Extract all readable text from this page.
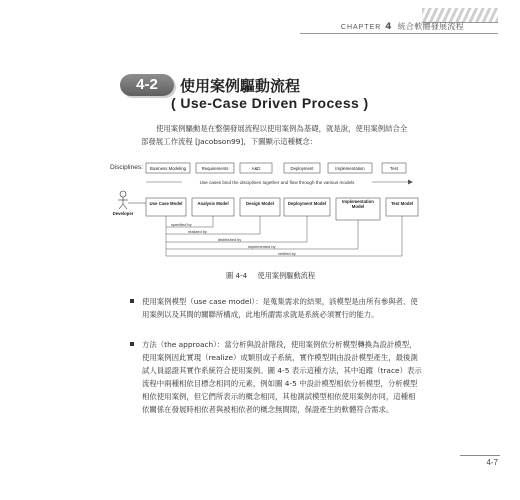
CHAPTER 4 統合軟體發展流程
4-2	使用案例驅動流程
( Use-Case Driven Process )
使用案例驅動是在整個發展流程以使用案例為基礎，就是說，使用案例結合全部發展工作流程 [Jacobson99]，下圖顯示這種概念：
Disciplines: Business Modeling	Requirements	A&D	Deployment	Implementation	Test
Use cases bind the disciplines together and flow through the various models
Developer
Use Case Model	Analysis Model	Design Model	Deployment Model	Implementation Model
Test Model
specified by
realized by
distributed by
implemented by
verified by
圖 4-4 使用案例驅動流程
使用案例模型（use case model）：是蒐集需求的結果，該模型是由所有參與者、使用案例以及其間的關聯所構成，此地所謂需求就是系統必須實行的能力。
方法（the approach）：當分析與設計階段，使用案例依分析模型轉換為設計模型，使用案例因此實現（realize）成類別或子系統，實作模型則由設計模型產生，最後測試人員認證其實作系統符合使用案例。圖 4-5 表示這種方法，其中追蹤（trace）表示流程中兩種相依目標念相同的元素，例如圖 4-5 中設計模型相依分析模型，分析模型相依使用案例，但它們所表示的概念相同，其他測試模型相依使用案例亦同，這種相依關係在發展時相依者與被相依者的概念無間隙，保證產生的軟體符合需求。
4-7
